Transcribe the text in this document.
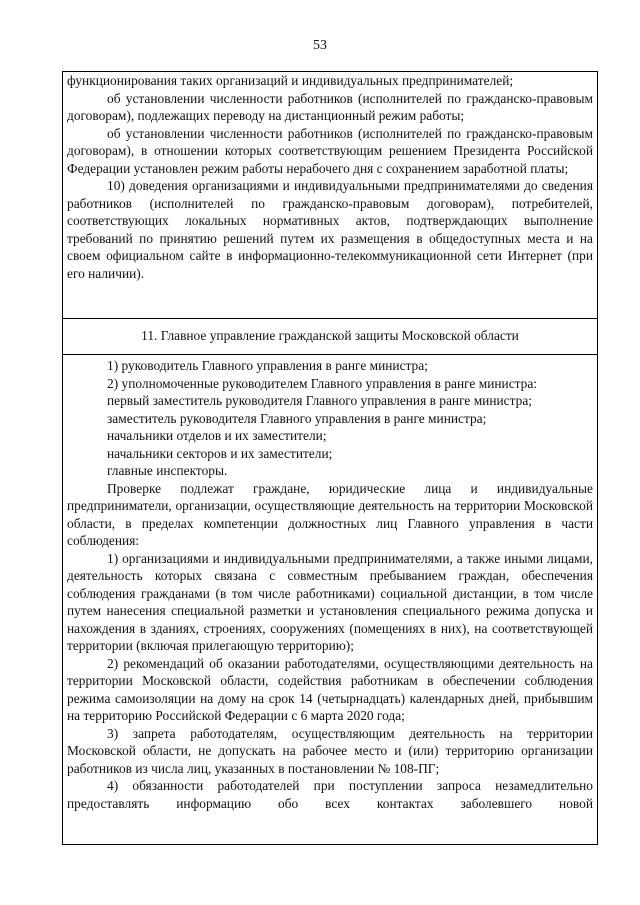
53

функционирования таких организаций и индивидуальных предпринимателей;

об установлении численности работников (исполнителей по гражданско-правовым договорам), подлежащих переводу на дистанционный режим работы;

об установлении численности работников (исполнителей по гражданско-правовым договорам), в отношении которых соответствующим решением Президента Российской Федерации установлен режим работы нерабочего дня с сохранением заработной платы;

10) доведения организациями и индивидуальными предпринимателями до сведения работников (исполнителей по гражданско-правовым договорам), потребителей, соответствующих локальных нормативных актов, подтверждающих выполнение требований по принятию решений путем их размещения в общедоступных места и на своем официальном сайте в информационно-телекоммуникационной сети Интернет (при его наличии).

11. Главное управление гражданской защиты Московской области

1) руководитель Главного управления в ранге министра;

2) уполномоченные руководителем Главного управления в ранге министра:

первый заместитель руководителя Главного управления в ранге министра;

заместитель руководителя Главного управления в ранге министра;

начальники отделов и их заместители;

начальники секторов и их заместители;

главные инспекторы.

Проверке подлежат граждане, юридические лица и индивидуальные предприниматели, организации, осуществляющие деятельность на территории Московской области, в пределах компетенции должностных лиц Главного управления в части соблюдения:

1) организациями и индивидуальными предпринимателями, а также иными лицами, деятельность которых связана с совместным пребыванием граждан, обеспечения соблюдения гражданами (в том числе работниками) социальной дистанции, в том числе путем нанесения специальной разметки и установления специального режима допуска и нахождения в зданиях, строениях, сооружениях (помещениях в них), на соответствующей территории (включая прилегающую территорию);

2) рекомендаций об оказании работодателями, осуществляющими деятельность на территории Московской области, содействия работникам в обеспечении соблюдения режима самоизоляции на дому на срок 14 (четырнадцать) календарных дней, прибывшим на территорию Российской Федерации с 6 марта 2020 года;

3) запрета работодателям, осуществляющим деятельность на территории Московской области, не допускать на рабочее место и (или) территорию организации работников из числа лиц, указанных в постановлении № 108-ПГ;

4) обязанности работодателей при поступлении запроса незамедлительно предоставлять информацию обо всех контактах заболевшего новой
